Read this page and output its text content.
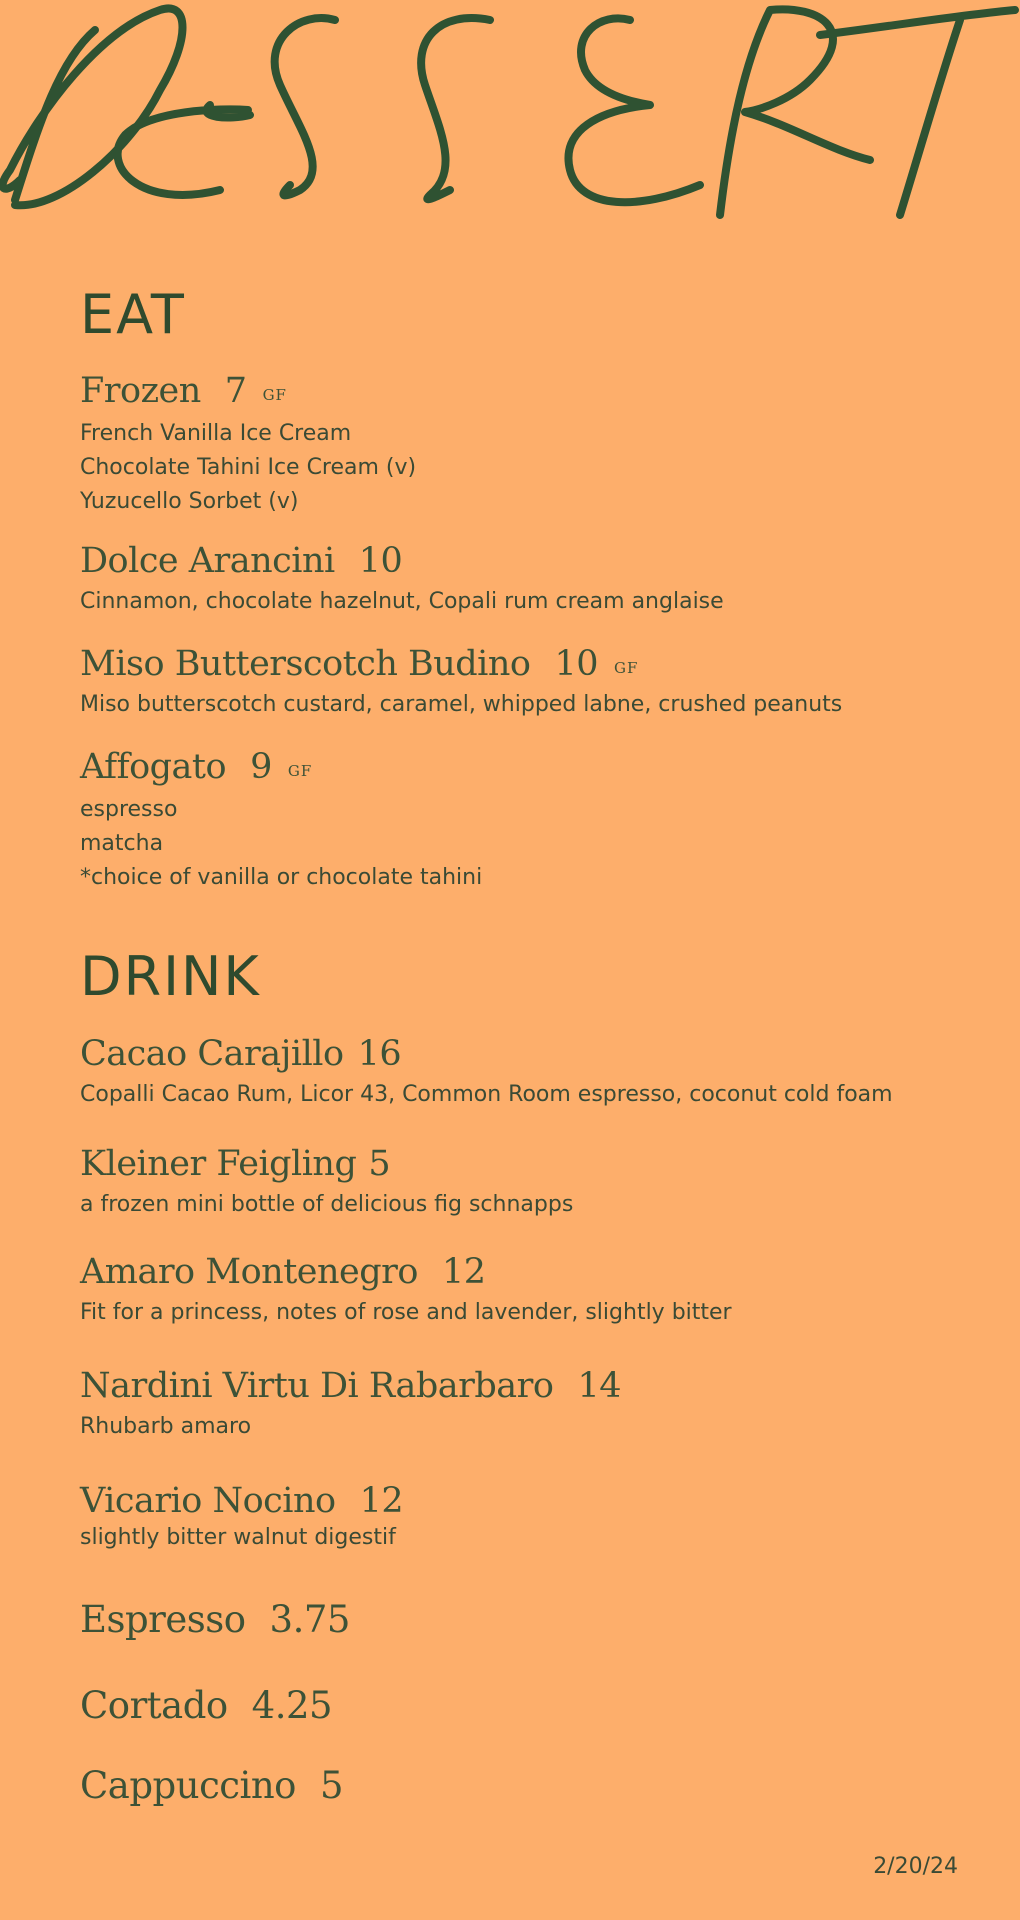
EAT
Frozen 7 GF
French Vanilla Ice Cream
Chocolate Tahini Ice Cream (v)
Yuzucello Sorbet (v)
Dolce Arancini 10
Cinnamon, chocolate hazelnut, Copali rum cream anglaise
Miso Butterscotch Budino 10 GF
Miso butterscotch custard, caramel, whipped labne, crushed peanuts
Affogato 9 GF
espresso
matcha
*choice of vanilla or chocolate tahini
DRINK
Cacao Carajillo 16
Copalli Cacao Rum, Licor 43, Common Room espresso, coconut cold foam
Kleiner Feigling 5
a frozen mini bottle of delicious fig schnapps
Amaro Montenegro 12
Fit for a princess, notes of rose and lavender, slightly bitter
Nardini Virtu Di Rabarbaro 14
Rhubarb amaro
Vicario Nocino 12
slightly bitter walnut digestif
Espresso 3.75
Cortado 4.25
Cappuccino 5
2/20/24
